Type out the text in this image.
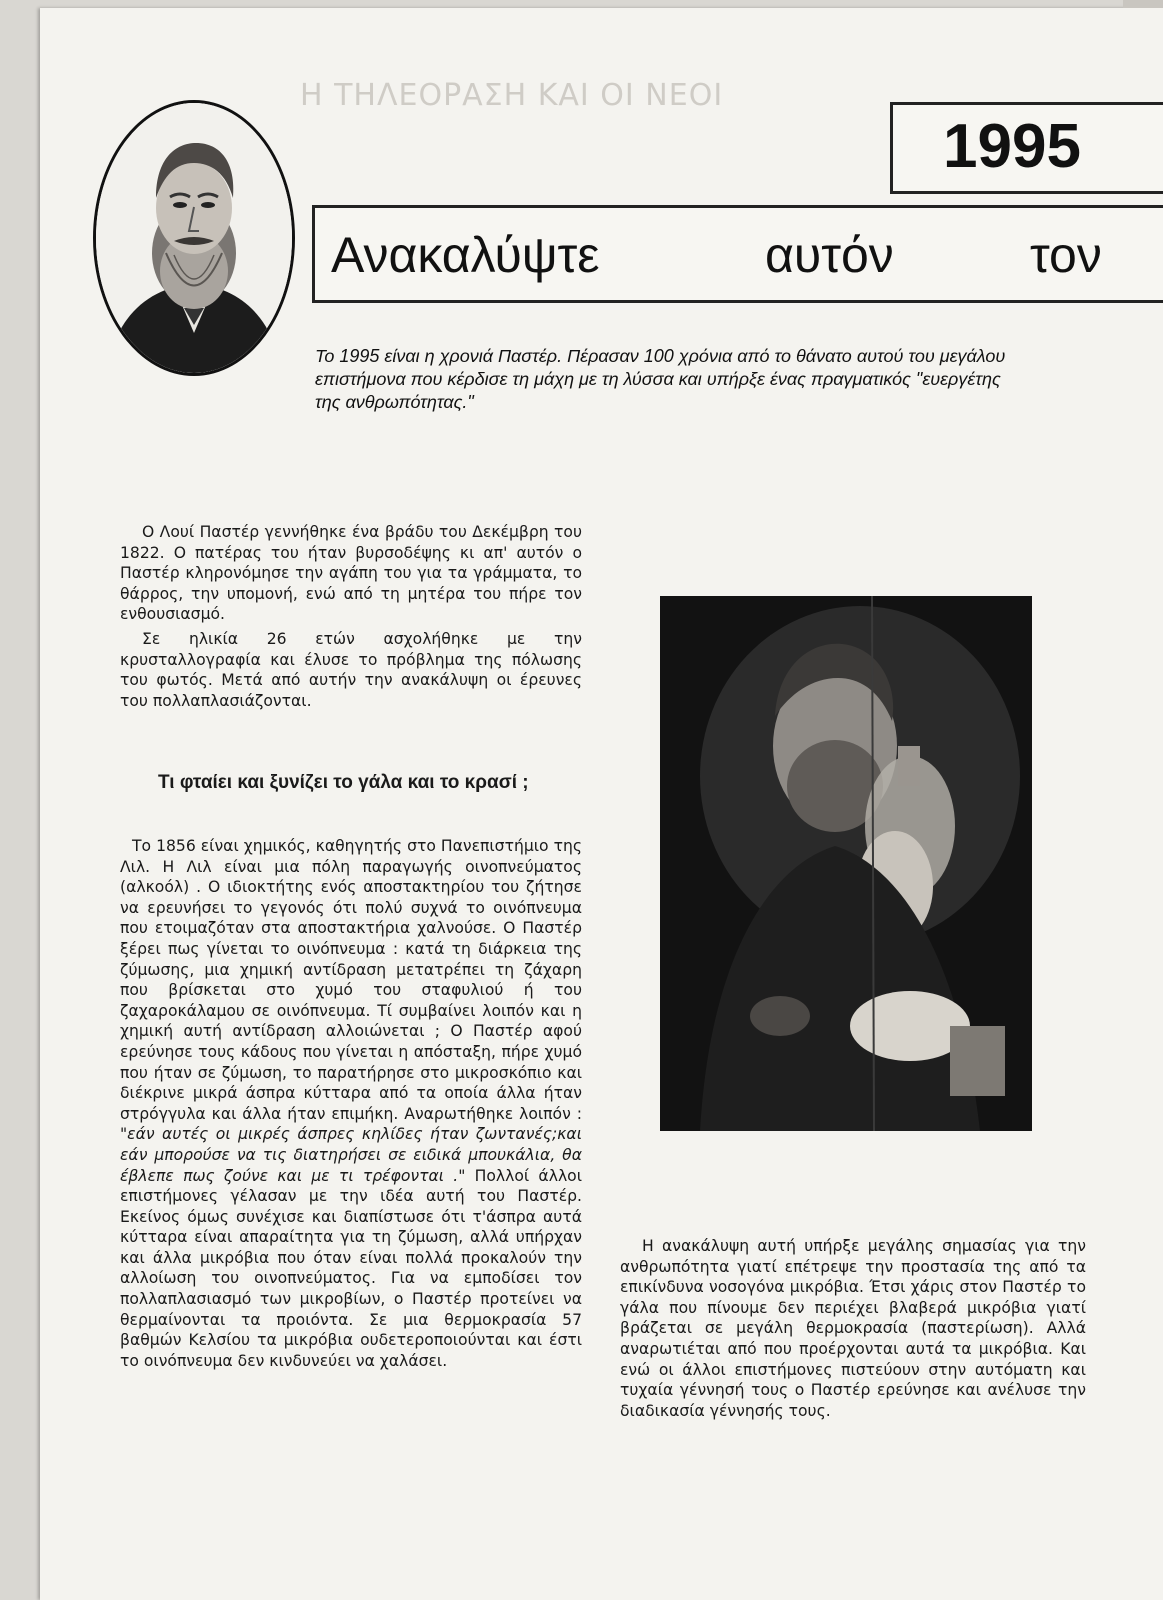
Η ΤΗΛΕΟΡΑΣΗ ΚΑΙ ΟΙ ΝΕΟΙ
1995
Ανακαλύψτε	αυτόν	τον
Το 1995 είναι η χρονιά Παστέρ. Πέρασαν 100 χρόνια από το θάνατο αυτού του μεγάλου επιστήμονα που κέρδισε τη μάχη με τη λύσσα και υπήρξε ένας πραγματικός "ευεργέτης της ανθρωπότητας."

Ο Λουί Παστέρ γεννήθηκε ένα βράδυ του Δεκέμβρη του 1822. Ο πατέρας του ήταν βυρσοδέψης κι απ' αυτόν ο Παστέρ κληρονόμησε την αγάπη του για τα γράμματα, το θάρρος, την υπομονή, ενώ από τη μητέρα του πήρε τον ενθουσιασμό.

Σε ηλικία 26 ετών ασχολήθηκε με την κρυσταλλογραφία και έλυσε το πρόβλημα της πόλωσης του φωτός. Μετά από αυτήν την ανακάλυψη οι έρευνες του πολλαπλασιάζονται.

Τι φταίει και ξυνίζει το γάλα και το κρασί ;

Το 1856 είναι χημικός, καθηγητής στο Πανεπιστήμιο της Λιλ. Η Λιλ είναι μια πόλη παραγωγής οινοπνεύματος (αλκοόλ) . Ο ιδιοκτήτης ενός αποστακτηρίου του ζήτησε να ερευνήσει το γεγονός ότι πολύ συχνά το οινόπνευμα που ετοιμαζόταν στα αποστακτήρια χαλνούσε. Ο Παστέρ ξέρει πως γίνεται το οινόπνευμα : κατά τη διάρκεια της ζύμωσης, μια χημική αντίδραση μετατρέπει τη ζάχαρη που βρίσκεται στο χυμό του σταφυλιού ή του ζαχαροκάλαμου σε οινόπνευμα. Τί συμβαίνει λοιπόν και η χημική αυτή αντίδραση αλλοιώνεται ; Ο Παστέρ αφού ερεύνησε τους κάδους που γίνεται η απόσταξη, πήρε χυμό που ήταν σε ζύμωση, το παρατήρησε στο μικροσκόπιο και διέκρινε μικρά άσπρα κύτταρα από τα οποία άλλα ήταν στρόγγυλα και άλλα ήταν επιμήκη. Αναρωτήθηκε λοιπόν : "εάν αυτές οι μικρές άσπρες κηλίδες ήταν ζωντανές;και εάν μπορούσε να τις διατηρήσει σε ειδικά μπουκάλια, θα έβλεπε πως ζούνε και με τι τρέφονται ." Πολλοί άλλοι επιστήμονες γέλασαν με την ιδέα αυτή του Παστέρ. Εκείνος όμως συνέχισε και διαπίστωσε ότι τ'άσπρα αυτά κύτταρα είναι απαραίτητα για τη ζύμωση, αλλά υπήρχαν και άλλα μικρόβια που όταν είναι πολλά προκαλούν την αλλοίωση του οινοπνεύματος. Για να εμποδίσει τον πολλαπλασιασμό των μικροβίων, ο Παστέρ προτείνει να θερμαίνονται τα προιόντα. Σε μια θερμοκρασία 57 βαθμών Κελσίου τα μικρόβια ουδετεροποιούνται και έστι το οινόπνευμα δεν κινδυνεύει να χαλάσει.

Η ανακάλυψη αυτή υπήρξε μεγάλης σημασίας για την ανθρωπότητα γιατί επέτρεψε την προστασία της από τα επικίνδυνα νοσογόνα μικρόβια. Έτσι χάρις στον Παστέρ το γάλα που πίνουμε δεν περιέχει βλαβερά μικρόβια γιατί βράζεται σε μεγάλη θερμοκρασία (παστερίωση). Αλλά αναρωτιέται από που προέρχονται αυτά τα μικρόβια. Και ενώ οι άλλοι επιστήμονες πιστεύουν στην αυτόματη και τυχαία γέννησή τους ο Παστέρ ερεύνησε και ανέλυσε την διαδικασία γέννησής τους.
